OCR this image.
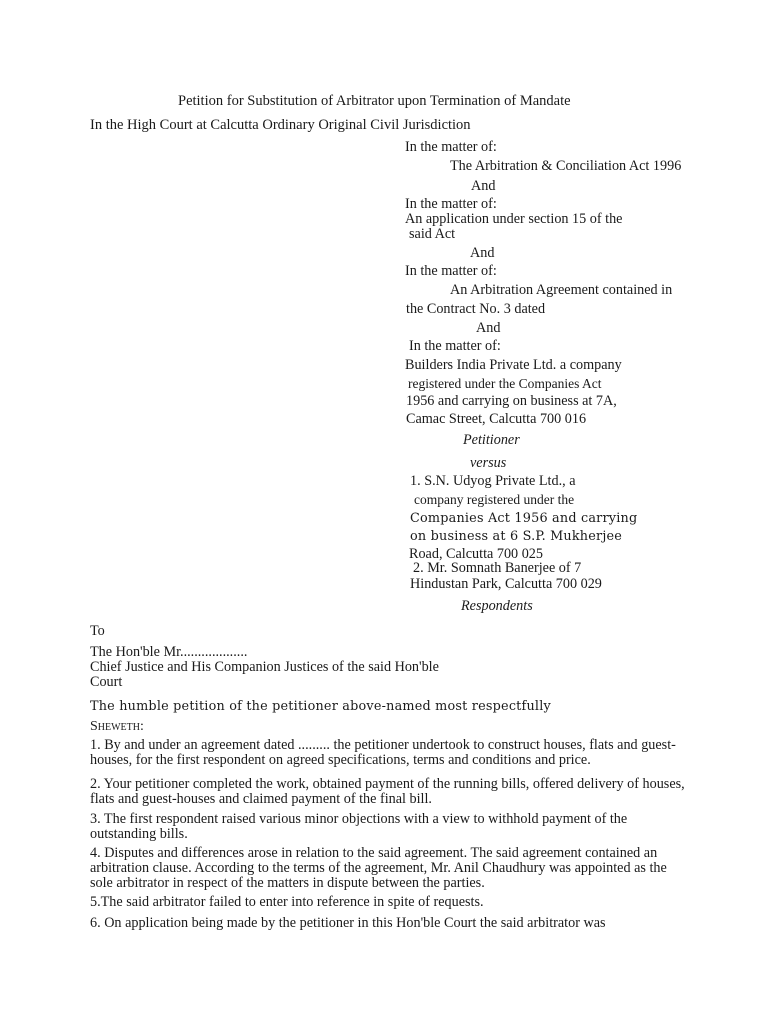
Petition for Substitution of Arbitrator upon Termination of Mandate
In the High Court at Calcutta Ordinary Original Civil Jurisdiction
In the matter of:
The Arbitration & Conciliation Act 1996
And
In the matter of:
An application under section 15 of the
said Act
And
In the matter of:
An Arbitration Agreement contained in
the Contract No. 3 dated
And
In the matter of:
Builders India Private Ltd. a company
registered under the Companies Act
1956 and carrying on business at 7A,
Camac Street, Calcutta 700 016
Petitioner
versus
1. S.N. Udyog Private Ltd., a
company registered under the
Companies Act 1956 and carrying
on business at 6 S.P. Mukherjee
Road, Calcutta 700 025
2. Mr. Somnath Banerjee of 7
Hindustan Park, Calcutta 700 029
Respondents
To
The Hon'ble Mr...................
Chief Justice and His Companion Justices of the said Hon'ble
Court
The humble petition of the petitioner above-named most respectfully
Sheweth:
1. By and under an agreement dated ......... the petitioner undertook to construct houses, flats and guest-houses, for the first respondent on agreed specifications, terms and conditions and price.
2. Your petitioner completed the work, obtained payment of the running bills, offered delivery of houses, flats and guest-houses and claimed payment of the final bill.
3. The first respondent raised various minor objections with a view to withhold payment of the outstanding bills.
4. Disputes and differences arose in relation to the said agreement. The said agreement contained an arbitration clause. According to the terms of the agreement, Mr. Anil Chaudhury was appointed as the sole arbitrator in respect of the matters in dispute between the parties.
5.The said arbitrator failed to enter into reference in spite of requests.
6. On application being made by the petitioner in this Hon'ble Court the said arbitrator was
